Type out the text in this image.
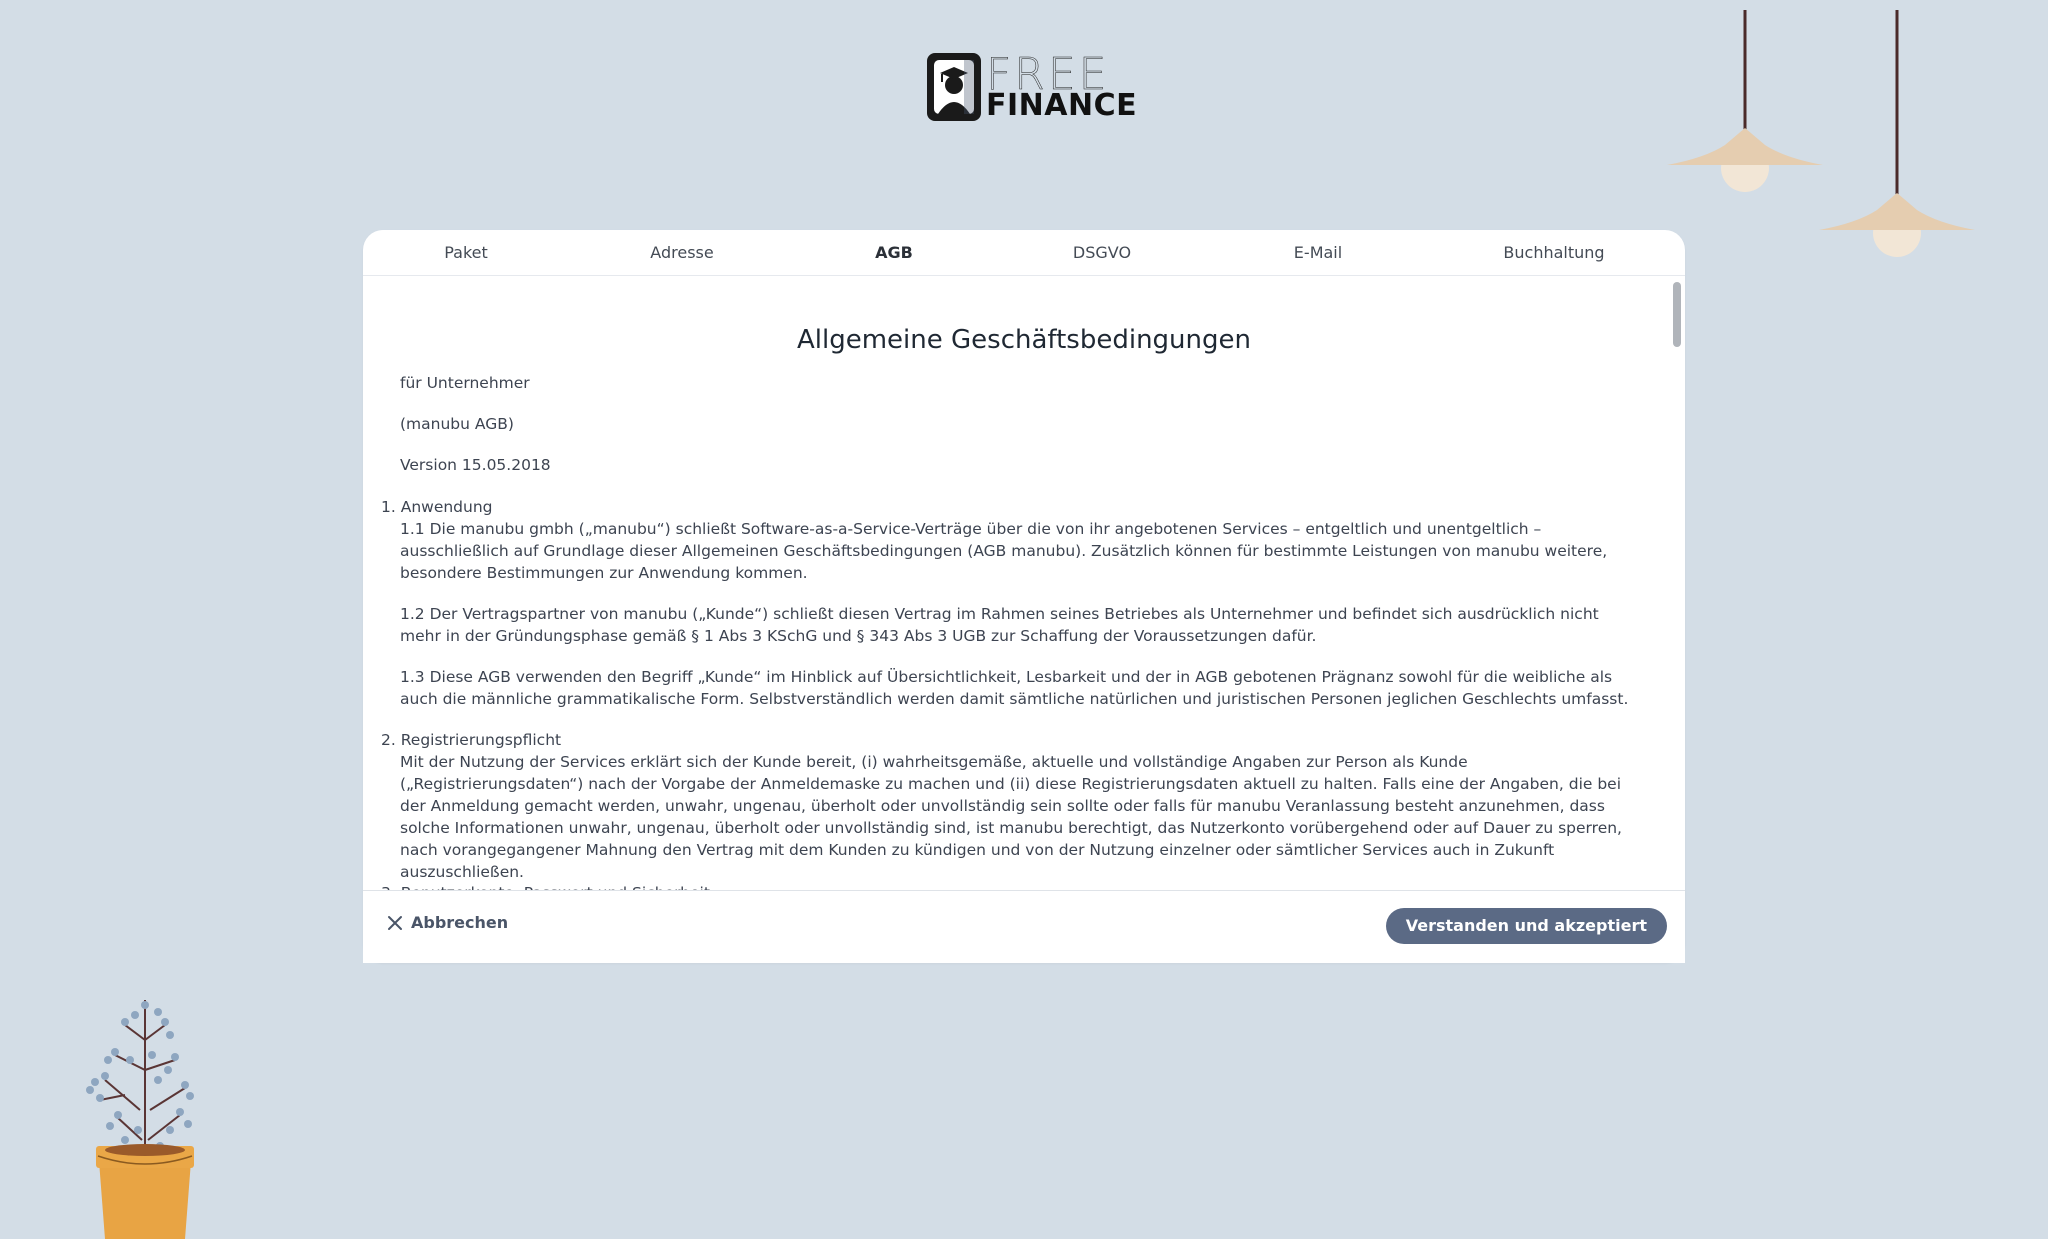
FREE
FINANCE
Paket	Adresse	AGB	DSGVO	E-Mail	Buchhaltung
Allgemeine Geschäftsbedingungen
für Unternehmer
(manubu AGB)
Version 15.05.2018
1. Anwendung

1.1 Die manubu gmbh („manubu“) schließt Software-as-a-Service-Verträge über die von ihr angebotenen Services – entgeltlich und unentgeltlich – ausschließlich auf Grundlage dieser Allgemeinen Geschäftsbedingungen (AGB manubu). Zusätzlich können für bestimmte Leistungen von manubu weitere, besondere Bestimmungen zur Anwendung kommen.

1.2 Der Vertragspartner von manubu („Kunde“) schließt diesen Vertrag im Rahmen seines Betriebes als Unternehmer und befindet sich ausdrücklich nicht mehr in der Gründungsphase gemäß § 1 Abs 3 KSchG und § 343 Abs 3 UGB zur Schaffung der Voraussetzungen dafür.

1.3 Diese AGB verwenden den Begriff „Kunde“ im Hinblick auf Übersichtlichkeit, Lesbarkeit und der in AGB gebotenen Prägnanz sowohl für die weibliche als auch die männliche grammatikalische Form. Selbstverständlich werden damit sämtliche natürlichen und juristischen Personen jeglichen Geschlechts umfasst.

2. Registrierungspflicht

Mit der Nutzung der Services erklärt sich der Kunde bereit, (i) wahrheitsgemäße, aktuelle und vollständige Angaben zur Person als Kunde („Registrierungsdaten“) nach der Vorgabe der Anmeldemaske zu machen und (ii) diese Registrierungsdaten aktuell zu halten. Falls eine der Angaben, die bei der Anmeldung gemacht werden, unwahr, ungenau, überholt oder unvollständig sein sollte oder falls für manubu Veranlassung besteht anzunehmen, dass solche Informationen unwahr, ungenau, überholt oder unvollständig sind, ist manubu berechtigt, das Nutzerkonto vorübergehend oder auf Dauer zu sperren, nach vorangegangener Mahnung den Vertrag mit dem Kunden zu kündigen und von der Nutzung einzelner oder sämtlicher Services auch in Zukunft auszuschließen.

Abbrechen	Verstanden und akzeptiert
